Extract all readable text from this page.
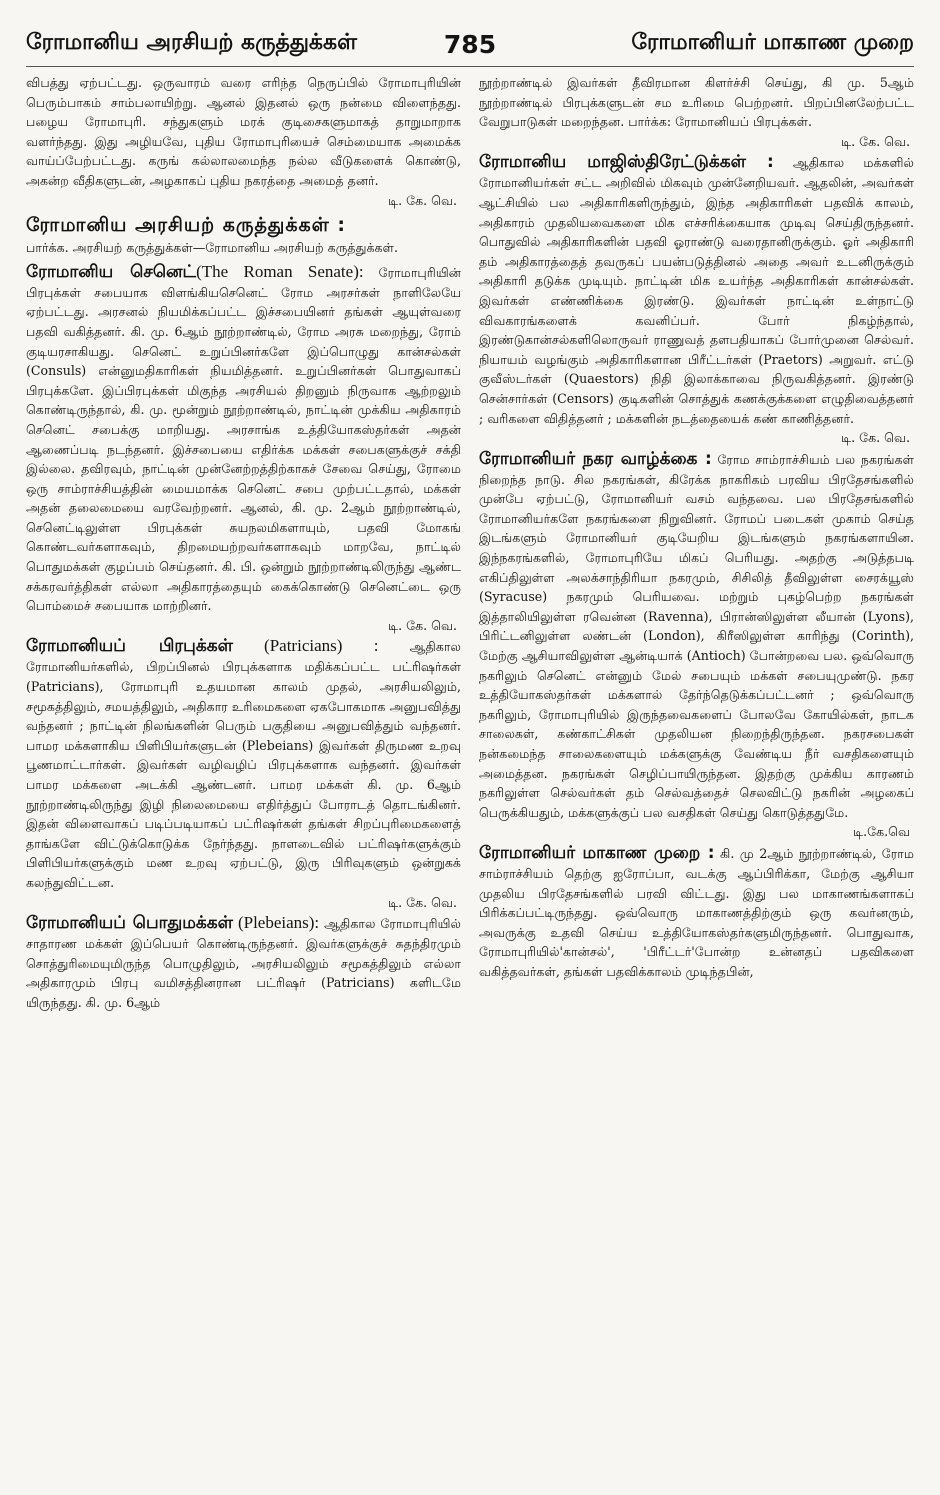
ரோமானிய அரசியற் கருத்துக்கள்	785	ரோமானியர் மாகாண முறை

விபத்து ஏற்பட்டது. ஒருவாரம் வரை எரிந்த நெருப்பில் ரோமாபுரியின் பெரும்பாகம் சாம்பலாயிற்று. ஆனல் இதனல் ஒரு நன்மை விளைந்தது. பழைய ரோமாபுரி. சந்துகளும் மரக் குடிசைகளுமாகத் தாறுமாறாக வளர்ந்தது. இது அழியவே, புதிய ரோமாபுரியைச் செம்மையாக அமைக்க வாய்ப்பேற்பட்டது. கருங் கல்லாலமைந்த நல்ல வீடுகளைக் கொண்டு, அகன்ற வீதிகளுடன், அழகாகப் புதிய நகரத்தை அமைத் தனர்.

டி. கே. வெ.
ரோமானிய அரசியற் கருத்துக்கள் :

பார்க்க. அரசியற் கருத்துக்கள்—ரோமானிய அரசியற் கருத்துக்கள்.

ரோமானிய செனெட்(The Roman Senate): ரோமாபுரியின் பிரபுக்கள் சபையாக விளங்கியசெனெட் ரோம அரசர்கள் நாளிலேயே ஏற்பட்டது. அரசனல் நியமிக்கப்பட்ட இச்சபையினர் தங்கள் ஆயுள்வரை பதவி வகித்தனர். கி. மு. 6ஆம் நூற்றாண்டில், ரோம அரசு மறைந்து, ரோம் குடியரசாகியது. செனெட் உறுப்பினர்களே இப்பொழுது கான்சல்கள் (Consuls) என்னுமதிகாரிகள் நியமித்தனர். உறுப்பினர்கள் பொதுவாகப் பிரபுக்களே. இப்பிரபுக்கள் மிகுந்த அரசியல் திறனும் நிருவாக ஆற்றலும் கொண்டிருந்தால், கி. மு. மூன்றும் நூற்றாண்டில், நாட்டின் முக்கிய அதிகாரம் செனெட் சபைக்கு மாறியது. அரசாங்க உத்தியோகஸ்தர்கள் அதன் ஆணைப்படி நடந்தனர். இச்சபையை எதிர்க்க மக்கள் சபைகளுக்குச் சக்தி இல்லை. தவிரவும், நாட்டின் முன்னேற்றத்திற்காகச் சேவை செய்து, ரோமை ஒரு சாம்ராச்சியத்தின் மையமாக்க செனெட் சபை முற்பட்டதால், மக்கள் அதன் தலைமையை வரவேற்றனர். ஆனல், கி. மு. 2ஆம் நூற்றாண்டில், செனெட்டிலுள்ள பிரபுக்கள் சுயநலமிகளாயும், பதவி மோகங் கொண்டவர்களாகவும், திறமையற்றவர்களாகவும் மாறவே, நாட்டில் பொதுமக்கள் குழப்பம் செய்தனர். கி. பி. ஒன்றும் நூற்றாண்டிலிருந்து ஆண்ட சக்கரவர்த்திகள் எல்லா அதிகாரத்தையும் கைக்கொண்டு செனெட்டை ஒரு பொம்மைச் சபையாக மாற்றினர்.

டி. கே. வெ.

ரோமானியப் பிரபுக்கள் (Patricians) : ஆதிகால ரோமானியர்களில், பிறப்பினல் பிரபுக்களாக மதிக்கப்பட்ட பட்ரிஷர்கள் (Patricians), ரோமாபுரி உதயமான காலம் முதல், அரசியலிலும், சமூகத்திலும், சமயத்திலும், அதிகார உரிமைகளை ஏகபோகமாக அனுபவித்து வந்தனர் ; நாட்டின் நிலங்களின் பெரும் பகுதியை அனுபவித்தும் வந்தனர். பாமர மக்களாகிய பிளிபியர்களுடன் (Plebeians) இவர்கள் திருமண உறவு பூணமாட்டார்கள். இவர்கள் வழிவழிப் பிரபுக்களாக வந்தனர். இவர்கள் பாமர மக்களை அடக்கி ஆண்டனர். பாமர மக்கள் கி. மு. 6ஆம் நூற்றாண்டிலிருந்து இழி நிலைமையை எதிர்த்துப் போராடத் தொடங்கினர். இதன் விளைவாகப் படிப்படியாகப் பட்ரிஷர்கள் தங்கள் சிறப்புரிமைகளைத் தாங்களே விட்டுக்கொடுக்க நேர்ந்தது. நாளடைவில் பட்ரிஷர்களுக்கும் பிளிபியர்களுக்கும் மண உறவு ஏற்பட்டு, இரு பிரிவுகளும் ஒன்றுகக் கலந்துவிட்டன.

டி. கே. வெ.

ரோமானியப் பொதுமக்கள் (Plebeians): ஆதிகால ரோமாபுரியில் சாதாரண மக்கள் இப்பெயர் கொண்டிருந்தனர். இவர்களுக்குச் சுதந்திரமும் சொத்துரிமையுமிருந்த பொழுதிலும், அரசியலிலும் சமூகத்திலும் எல்லா அதிகாரமும் பிரபு வமிசத்தினரான பட்ரிஷர் (Patricians) களிடமே யிருந்தது. கி. மு. 6ஆம்

நூற்றாண்டில் இவர்கள் தீவிரமான கிளர்ச்சி செய்து, கி மு. 5ஆம் நூற்றாண்டில் பிரபுக்களுடன் சம உரிமை பெற்றனர். பிறப்பினலேற்பட்ட வேறுபாடுகள் மறைந்தன. பார்க்க: ரோமானியப் பிரபுக்கள்.

டி. கே. வெ.

ரோமானிய மாஜிஸ்திரேட்டுக்கள் : ஆதிகால மக்களில் ரோமானியர்கள் சட்ட அறிவில் மிகவும் முன்னேறியவர். ஆதலின், அவர்கள் ஆட்சியில் பல அதிகாரிகளிருந்தும், இந்த அதிகாரிகள் பதவிக் காலம், அதிகாரம் முதலியவைகளை மிக எச்சரிக்கையாக முடிவு செய்திருந்தனர். பொதுவில் அதிகாரிகளின் பதவி ஓராண்டு வரைதானிருக்கும். ஓர் அதிகாரி தம் அதிகாரத்தைத் தவருகப் பயன்படுத்தினல் அதை அவர் உடனிருக்கும் அதிகாரி தடுக்க முடியும். நாட்டின் மிக உயர்ந்த அதிகாரிகள் கான்சல்கள். இவர்கள் எண்ணிக்கை இரண்டு. இவர்கள் நாட்டின் உள்நாட்டு விவகாரங்களைக் கவனிப்பர். போர் நிகழ்ந்தால், இரண்டுகான்சல்களிலொருவர் ராணுவத் தளபதியாகப் போர்முனை செல்வர். நியாயம் வழங்கும் அதிகாரிகளான பிரீட்டர்கள் (Praetors) அறுவர். எட்டு குவீஸ்டர்கள் (Quaestors) நிதி இலாக்காவை நிருவகித்தனர். இரண்டு சென்சார்கள் (Censors) குடிகளின் சொத்துக் கணக்குக்களை எழுதிவைத்தனர் ; வரிகளை விதித்தனர் ; மக்களின் நடத்தையைக் கண் காணித்தனர்.

டி. கே. வெ.

ரோமானியர் நகர வாழ்க்கை : ரோம சாம்ராச்சியம் பல நகரங்கள் நிறைந்த நாடு. சில நகரங்கள், கிரேக்க நாகரிகம் பரவிய பிரதேசங்களில் முன்பே ஏற்பட்டு, ரோமானியர் வசம் வந்தவை. பல பிரதேசங்களில் ரோமானியர்களே நகரங்களை நிறுவினர். ரோமப் படைகள் முகாம் செய்த இடங்களும் ரோமானியர் குடியேறிய இடங்களும் நகரங்களாயின. இந்நகரங்களில், ரோமாபுரியே மிகப் பெரியது. அதற்கு அடுத்தபடி எகிப்திலுள்ள அலக்சாந்திரியா நகரமும், சிசிலித் தீவிலுள்ள சைரக்யூஸ் (Syracuse) நகரமும் பெரியவை. மற்றும் புகழ்பெற்ற நகரங்கள் இத்தாலியிலுள்ள ரவென்ன (Ravenna), பிரான்ஸிலுள்ள லீயான் (Lyons), பிரிட்டனிலுள்ள லண்டன் (London), கிரீஸிலுள்ள காரிந்து (Corinth), மேற்கு ஆசியாவிலுள்ள ஆன்டியாக் (Antioch) போன்றவை பல. ஒவ்வொரு நகரிலும் செனெட் என்னும் மேல் சபையும் மக்கள் சபையுமுண்டு. நகர உத்தியோகஸ்தர்கள் மக்களால் தேர்ந்தெடுக்கப்பட்டனர் ; ஒவ்வொரு நகரிலும், ரோமாபுரியில் இருந்தவைகளைப் போலவே கோயில்கள், நாடக சாலைகள், கண்காட்சிகள் முதலியன நிறைந்திருந்தன. நகரசபைகள் நன்கமைந்த சாலைகளையும் மக்களுக்கு வேண்டிய நீர் வசதிகளையும் அமைத்தன. நகரங்கள் செழிப்பாயிருந்தன. இதற்கு முக்கிய காரணம் நகரிலுள்ள செல்வர்கள் தம் செல்வத்தைச் செலவிட்டு நகரின் அழகைப் பெருக்கியதும், மக்களுக்குப் பல வசதிகள் செய்து கொடுத்ததுமே.

டி.கே.வெ

ரோமானியர் மாகாண முறை : கி. மு 2ஆம் நூற்றாண்டில், ரோம சாம்ராச்சியம் தெற்கு ஐரோப்பா, வடக்கு ஆப்பிரிக்கா, மேற்கு ஆசியா முதலிய பிரதேசங்களில் பரவி விட்டது. இது பல மாகாணங்களாகப் பிரிக்கப்பட்டிருந்தது. ஒவ்வொரு மாகாணத்திற்கும் ஒரு கவர்னரும், அவருக்கு உதவி செய்ய உத்தியோகஸ்தர்களுமிருந்தனர். பொதுவாக, ரோமாபுரியில்'கான்சல்', 'பிரீட்டர்'போன்ற உன்னதப் பதவிகளை வகித்தவர்கள், தங்கள் பதவிக்காலம் முடிந்தபின்,
